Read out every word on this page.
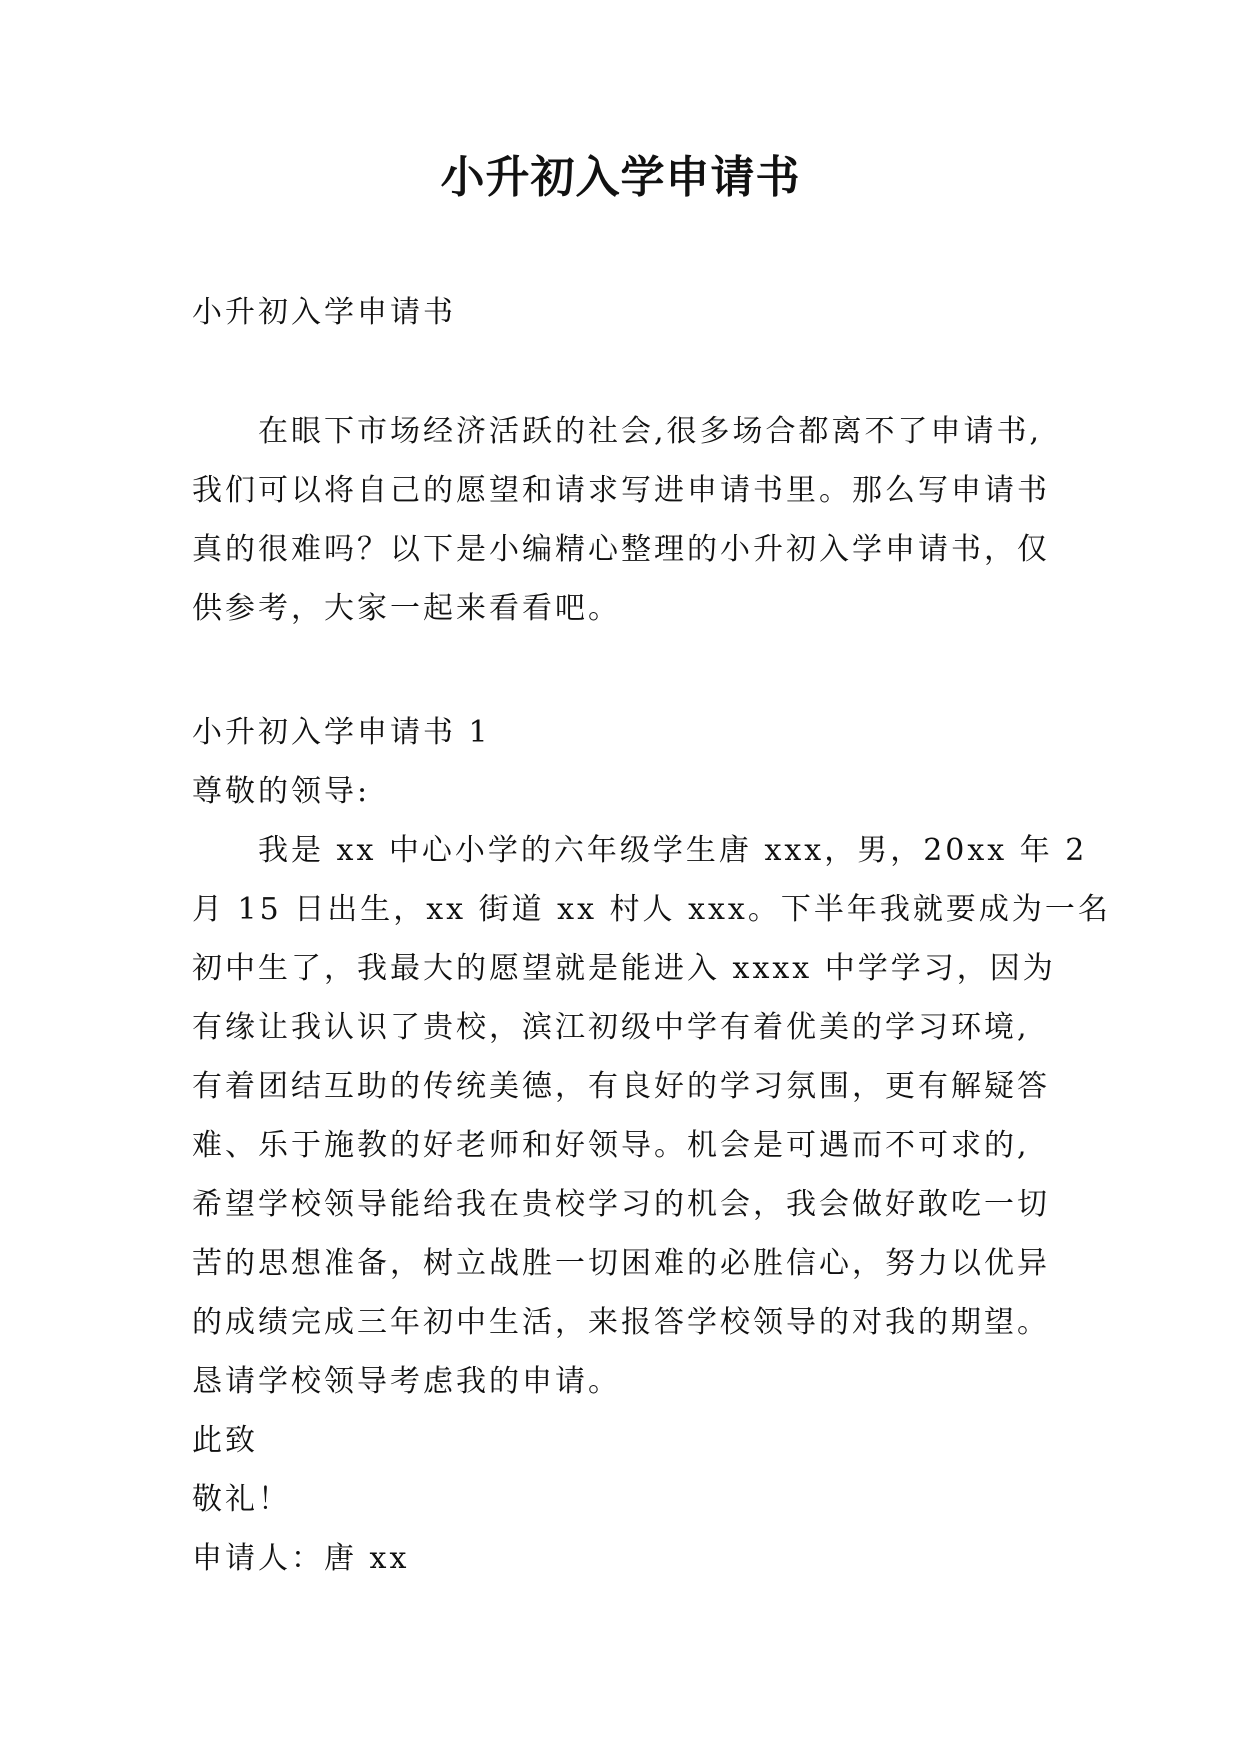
小升初入学申请书
小升初入学申请书
在眼下市场经济活跃的社会,很多场合都离不了申请书,
我们可以将自己的愿望和请求写进申请书里。那么写申请书
真的很难吗？以下是小编精心整理的小升初入学申请书，仅
供参考，大家一起来看看吧。
小升初入学申请书 1
尊敬的领导:
我是 xx 中心小学的六年级学生唐 xxx，男，20xx 年 2
月 15 日出生，xx 街道 xx 村人 xxx。下半年我就要成为一名
初中生了，我最大的愿望就是能进入 xxxx 中学学习，因为
有缘让我认识了贵校，滨江初级中学有着优美的学习环境,
有着团结互助的传统美德，有良好的学习氛围，更有解疑答
难、乐于施教的好老师和好领导。机会是可遇而不可求的,
希望学校领导能给我在贵校学习的机会，我会做好敢吃一切
苦的思想准备，树立战胜一切困难的必胜信心，努力以优异
的成绩完成三年初中生活，来报答学校领导的对我的期望。
恳请学校领导考虑我的申请。
此致
敬礼！
申请人：唐 xx
